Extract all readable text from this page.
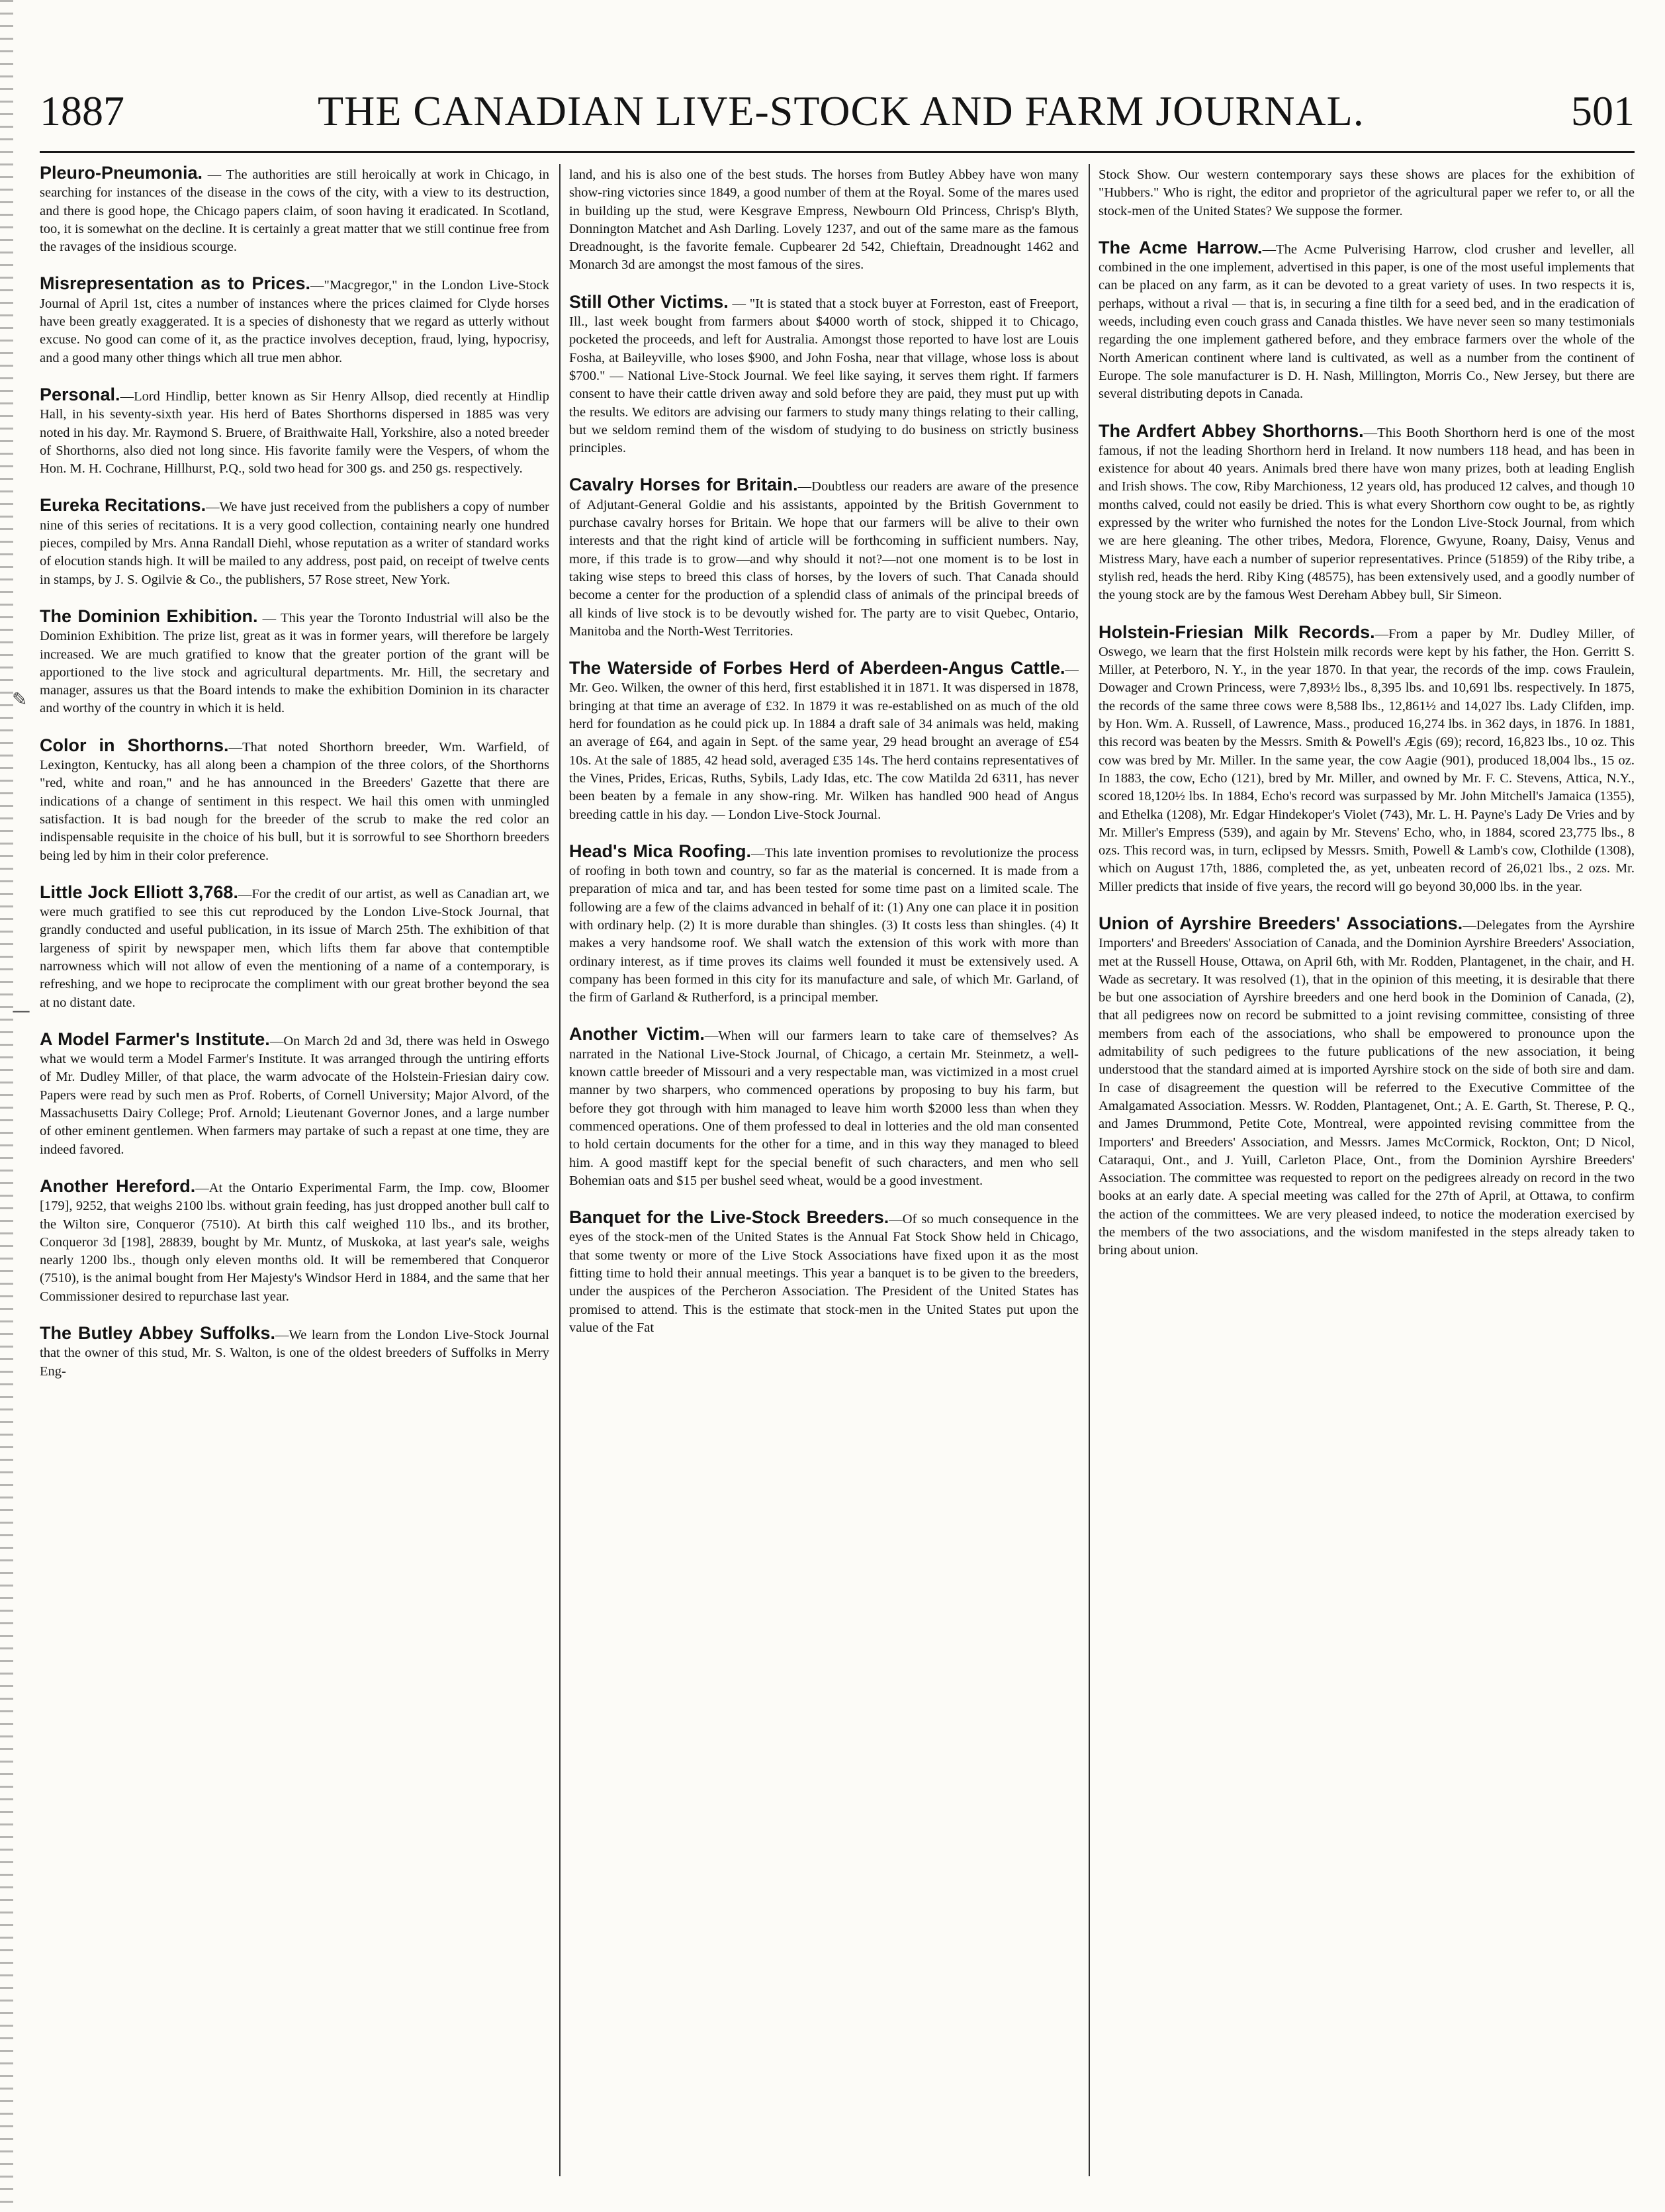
1887	THE CANADIAN LIVE-STOCK AND FARM JOURNAL.	501
✎
—

Pleuro-Pneumonia. — The authorities are still heroically at work in Chicago, in searching for instances of the disease in the cows of the city, with a view to its destruction, and there is good hope, the Chicago papers claim, of soon having it eradicated. In Scotland, too, it is somewhat on the decline. It is certainly a great matter that we still continue free from the ravages of the insidious scourge.

Misrepresentation as to Prices.—"Macgregor," in the London Live-Stock Journal of April 1st, cites a number of instances where the prices claimed for Clyde horses have been greatly exaggerated. It is a species of dishonesty that we regard as utterly without excuse. No good can come of it, as the practice involves deception, fraud, lying, hypocrisy, and a good many other things which all true men abhor.

Personal.—Lord Hindlip, better known as Sir Henry Allsop, died recently at Hindlip Hall, in his seventy-sixth year. His herd of Bates Shorthorns dispersed in 1885 was very noted in his day. Mr. Raymond S. Bruere, of Braithwaite Hall, Yorkshire, also a noted breeder of Shorthorns, also died not long since. His favorite family were the Vespers, of whom the Hon. M. H. Cochrane, Hillhurst, P.Q., sold two head for 300 gs. and 250 gs. respectively.

Eureka Recitations.—We have just received from the publishers a copy of number nine of this series of recitations. It is a very good collection, containing nearly one hundred pieces, compiled by Mrs. Anna Randall Diehl, whose reputation as a writer of standard works of elocution stands high. It will be mailed to any address, post paid, on receipt of twelve cents in stamps, by J. S. Ogilvie & Co., the publishers, 57 Rose street, New York.

The Dominion Exhibition. — This year the Toronto Industrial will also be the Dominion Exhibition. The prize list, great as it was in former years, will therefore be largely increased. We are much gratified to know that the greater portion of the grant will be apportioned to the live stock and agricultural departments. Mr. Hill, the secretary and manager, assures us that the Board intends to make the exhibition Dominion in its character and worthy of the country in which it is held.

Color in Shorthorns.—That noted Shorthorn breeder, Wm. Warfield, of Lexington, Kentucky, has all along been a champion of the three colors, of the Shorthorns "red, white and roan," and he has announced in the Breeders' Gazette that there are indications of a change of sentiment in this respect. We hail this omen with unmingled satisfaction. It is bad nough for the breeder of the scrub to make the red color an indispensable requisite in the choice of his bull, but it is sorrowful to see Shorthorn breeders being led by him in their color preference.

Little Jock Elliott 3,768.—For the credit of our artist, as well as Canadian art, we were much gratified to see this cut reproduced by the London Live-Stock Journal, that grandly conducted and useful publication, in its issue of March 25th. The exhibition of that largeness of spirit by newspaper men, which lifts them far above that contemptible narrowness which will not allow of even the mentioning of a name of a contemporary, is refreshing, and we hope to reciprocate the compliment with our great brother beyond the sea at no distant date.

A Model Farmer's Institute.—On March 2d and 3d, there was held in Oswego what we would term a Model Farmer's Institute. It was arranged through the untiring efforts of Mr. Dudley Miller, of that place, the warm advocate of the Holstein-Friesian dairy cow. Papers were read by such men as Prof. Roberts, of Cornell University; Major Alvord, of the Massachusetts Dairy College; Prof. Arnold; Lieutenant Governor Jones, and a large number of other eminent gentlemen. When farmers may partake of such a repast at one time, they are indeed favored.

Another Hereford.—At the Ontario Experimental Farm, the Imp. cow, Bloomer [179], 9252, that weighs 2100 lbs. without grain feeding, has just dropped another bull calf to the Wilton sire, Conqueror (7510). At birth this calf weighed 110 lbs., and its brother, Conqueror 3d [198], 28839, bought by Mr. Muntz, of Muskoka, at last year's sale, weighs nearly 1200 lbs., though only eleven months old. It will be remembered that Conqueror (7510), is the animal bought from Her Majesty's Windsor Herd in 1884, and the same that her Commissioner desired to repurchase last year.

The Butley Abbey Suffolks.—We learn from the London Live-Stock Journal that the owner of this stud, Mr. S. Walton, is one of the oldest breeders of Suffolks in Merry Eng-

land, and his is also one of the best studs. The horses from Butley Abbey have won many show-ring victories since 1849, a good number of them at the Royal. Some of the mares used in building up the stud, were Kesgrave Empress, Newbourn Old Princess, Chrisp's Blyth, Donnington Matchet and Ash Darling. Lovely 1237, and out of the same mare as the famous Dreadnought, is the favorite female. Cupbearer 2d 542, Chieftain, Dreadnought 1462 and Monarch 3d are amongst the most famous of the sires.

Still Other Victims. — "It is stated that a stock buyer at Forreston, east of Freeport, Ill., last week bought from farmers about $4000 worth of stock, shipped it to Chicago, pocketed the proceeds, and left for Australia. Amongst those reported to have lost are Louis Fosha, at Baileyville, who loses $900, and John Fosha, near that village, whose loss is about $700." — National Live-Stock Journal. We feel like saying, it serves them right. If farmers consent to have their cattle driven away and sold before they are paid, they must put up with the results. We editors are advising our farmers to study many things relating to their calling, but we seldom remind them of the wisdom of studying to do business on strictly business principles.

Cavalry Horses for Britain.—Doubtless our readers are aware of the presence of Adjutant-General Goldie and his assistants, appointed by the British Government to purchase cavalry horses for Britain. We hope that our farmers will be alive to their own interests and that the right kind of article will be forthcoming in sufficient numbers. Nay, more, if this trade is to grow—and why should it not?—not one moment is to be lost in taking wise steps to breed this class of horses, by the lovers of such. That Canada should become a center for the production of a splendid class of animals of the principal breeds of all kinds of live stock is to be devoutly wished for. The party are to visit Quebec, Ontario, Manitoba and the North-West Territories.

The Waterside of Forbes Herd of Aberdeen-Angus Cattle.—Mr. Geo. Wilken, the owner of this herd, first established it in 1871. It was dispersed in 1878, bringing at that time an average of £32. In 1879 it was re-established on as much of the old herd for foundation as he could pick up. In 1884 a draft sale of 34 animals was held, making an average of £64, and again in Sept. of the same year, 29 head brought an average of £54 10s. At the sale of 1885, 42 head sold, averaged £35 14s. The herd contains representatives of the Vines, Prides, Ericas, Ruths, Sybils, Lady Idas, etc. The cow Matilda 2d 6311, has never been beaten by a female in any show-ring. Mr. Wilken has handled 900 head of Angus breeding cattle in his day. — London Live-Stock Journal.

Head's Mica Roofing.—This late invention promises to revolutionize the process of roofing in both town and country, so far as the material is concerned. It is made from a preparation of mica and tar, and has been tested for some time past on a limited scale. The following are a few of the claims advanced in behalf of it: (1) Any one can place it in position with ordinary help. (2) It is more durable than shingles. (3) It costs less than shingles. (4) It makes a very handsome roof. We shall watch the extension of this work with more than ordinary interest, as if time proves its claims well founded it must be extensively used. A company has been formed in this city for its manufacture and sale, of which Mr. Garland, of the firm of Garland & Rutherford, is a principal member.

Another Victim.—When will our farmers learn to take care of themselves? As narrated in the National Live-Stock Journal, of Chicago, a certain Mr. Steinmetz, a well-known cattle breeder of Missouri and a very respectable man, was victimized in a most cruel manner by two sharpers, who commenced operations by proposing to buy his farm, but before they got through with him managed to leave him worth $2000 less than when they commenced operations. One of them professed to deal in lotteries and the old man consented to hold certain documents for the other for a time, and in this way they managed to bleed him. A good mastiff kept for the special benefit of such characters, and men who sell Bohemian oats and $15 per bushel seed wheat, would be a good investment.

Banquet for the Live-Stock Breeders.—Of so much consequence in the eyes of the stock-men of the United States is the Annual Fat Stock Show held in Chicago, that some twenty or more of the Live Stock Associations have fixed upon it as the most fitting time to hold their annual meetings. This year a banquet is to be given to the breeders, under the auspices of the Percheron Association. The President of the United States has promised to attend. This is the estimate that stock-men in the United States put upon the value of the Fat

Stock Show. Our western contemporary says these shows are places for the exhibition of "Hubbers." Who is right, the editor and proprietor of the agricultural paper we refer to, or all the stock-men of the United States? We suppose the former.

The Acme Harrow.—The Acme Pulverising Harrow, clod crusher and leveller, all combined in the one implement, advertised in this paper, is one of the most useful implements that can be placed on any farm, as it can be devoted to a great variety of uses. In two respects it is, perhaps, without a rival — that is, in securing a fine tilth for a seed bed, and in the eradication of weeds, including even couch grass and Canada thistles. We have never seen so many testimonials regarding the one implement gathered before, and they embrace farmers over the whole of the North American continent where land is cultivated, as well as a number from the continent of Europe. The sole manufacturer is D. H. Nash, Millington, Morris Co., New Jersey, but there are several distributing depots in Canada.

The Ardfert Abbey Shorthorns.—This Booth Shorthorn herd is one of the most famous, if not the leading Shorthorn herd in Ireland. It now numbers 118 head, and has been in existence for about 40 years. Animals bred there have won many prizes, both at leading English and Irish shows. The cow, Riby Marchioness, 12 years old, has produced 12 calves, and though 10 months calved, could not easily be dried. This is what every Shorthorn cow ought to be, as rightly expressed by the writer who furnished the notes for the London Live-Stock Journal, from which we are here gleaning. The other tribes, Medora, Florence, Gwyune, Roany, Daisy, Venus and Mistress Mary, have each a number of superior representatives. Prince (51859) of the Riby tribe, a stylish red, heads the herd. Riby King (48575), has been extensively used, and a goodly number of the young stock are by the famous West Dereham Abbey bull, Sir Simeon.

Holstein-Friesian Milk Records.—From a paper by Mr. Dudley Miller, of Oswego, we learn that the first Holstein milk records were kept by his father, the Hon. Gerritt S. Miller, at Peterboro, N. Y., in the year 1870. In that year, the records of the imp. cows Fraulein, Dowager and Crown Princess, were 7,893½ lbs., 8,395 lbs. and 10,691 lbs. respectively. In 1875, the records of the same three cows were 8,588 lbs., 12,861½ and 14,027 lbs. Lady Clifden, imp. by Hon. Wm. A. Russell, of Lawrence, Mass., produced 16,274 lbs. in 362 days, in 1876. In 1881, this record was beaten by the Messrs. Smith & Powell's Ægis (69); record, 16,823 lbs., 10 oz. This cow was bred by Mr. Miller. In the same year, the cow Aagie (901), produced 18,004 lbs., 15 oz. In 1883, the cow, Echo (121), bred by Mr. Miller, and owned by Mr. F. C. Stevens, Attica, N.Y., scored 18,120½ lbs. In 1884, Echo's record was surpassed by Mr. John Mitchell's Jamaica (1355), and Ethelka (1208), Mr. Edgar Hindekoper's Violet (743), Mr. L. H. Payne's Lady De Vries and by Mr. Miller's Empress (539), and again by Mr. Stevens' Echo, who, in 1884, scored 23,775 lbs., 8 ozs. This record was, in turn, eclipsed by Messrs. Smith, Powell & Lamb's cow, Clothilde (1308), which on August 17th, 1886, completed the, as yet, unbeaten record of 26,021 lbs., 2 ozs. Mr. Miller predicts that inside of five years, the record will go beyond 30,000 lbs. in the year.

Union of Ayrshire Breeders' Associations.—Delegates from the Ayrshire Importers' and Breeders' Association of Canada, and the Dominion Ayrshire Breeders' Association, met at the Russell House, Ottawa, on April 6th, with Mr. Rodden, Plantagenet, in the chair, and H. Wade as secretary. It was resolved (1), that in the opinion of this meeting, it is desirable that there be but one association of Ayrshire breeders and one herd book in the Dominion of Canada, (2), that all pedigrees now on record be submitted to a joint revising committee, consisting of three members from each of the associations, who shall be empowered to pronounce upon the admitability of such pedigrees to the future publications of the new association, it being understood that the standard aimed at is imported Ayrshire stock on the side of both sire and dam. In case of disagreement the question will be referred to the Executive Committee of the Amalgamated Association. Messrs. W. Rodden, Plantagenet, Ont.; A. E. Garth, St. Therese, P. Q., and James Drummond, Petite Cote, Montreal, were appointed revising committee from the Importers' and Breeders' Association, and Messrs. James McCormick, Rockton, Ont; D Nicol, Cataraqui, Ont., and J. Yuill, Carleton Place, Ont., from the Dominion Ayrshire Breeders' Association. The committee was requested to report on the pedigrees already on record in the two books at an early date. A special meeting was called for the 27th of April, at Ottawa, to confirm the action of the committees. We are very pleased indeed, to notice the moderation exercised by the members of the two associations, and the wisdom manifested in the steps already taken to bring about union.
